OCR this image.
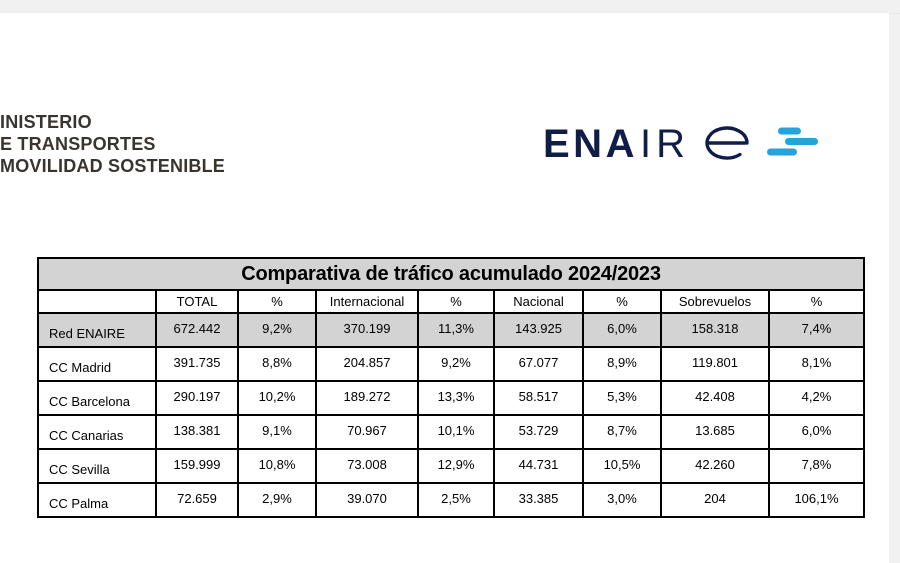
INISTERIO
E TRANSPORTES
MOVILIDAD SOSTENIBLE	ENA IR
Comparativa de tráfico acumulado 2024/2023								
	TOTAL	%	Internacional	%	Nacional	%	Sobrevuelos	%
Red ENAIRE	672.442	9,2%	370.199	11,3%	143.925	6,0%	158.318	7,4%
CC Madrid	391.735	8,8%	204.857	9,2%	67.077	8,9%	119.801	8,1%
CC Barcelona	290.197	10,2%	189.272	13,3%	58.517	5,3%	42.408	4,2%
CC Canarias	138.381	9,1%	70.967	10,1%	53.729	8,7%	13.685	6,0%
CC Sevilla	159.999	10,8%	73.008	12,9%	44.731	10,5%	42.260	7,8%
CC Palma	72.659	2,9%	39.070	2,5%	33.385	3,0%	204	106,1%
